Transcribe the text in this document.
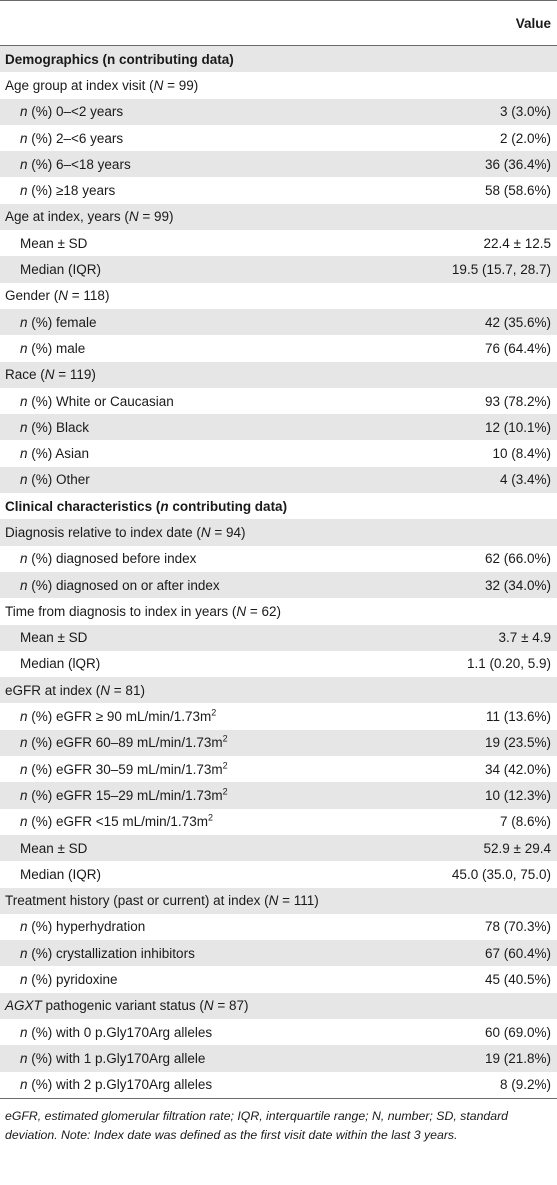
Value
Demographics (n contributing data)
Age group at index visit (N = 99)
n (%) 0–<2 years	3 (3.0%)
n (%) 2–<6 years	2 (2.0%)
n (%) 6–<18 years	36 (36.4%)
n (%) ≥18 years	58 (58.6%)
Age at index, years (N = 99)
Mean ± SD	22.4 ± 12.5
Median (IQR)	19.5 (15.7, 28.7)
Gender (N = 118)
n (%) female	42 (35.6%)
n (%) male	76 (64.4%)
Race (N = 119)
n (%) White or Caucasian	93 (78.2%)
n (%) Black	12 (10.1%)
n (%) Asian	10 (8.4%)
n (%) Other	4 (3.4%)
Clinical characteristics (n contributing data)
Diagnosis relative to index date (N = 94)
n (%) diagnosed before index	62 (66.0%)
n (%) diagnosed on or after index	32 (34.0%)
Time from diagnosis to index in years (N = 62)
Mean ± SD	3.7 ± 4.9
Median (lQR)	1.1 (0.20, 5.9)
eGFR at index (N = 81)
n (%) eGFR ≥ 90 $mL/\min/1.73m^2$	11 (13.6%)
n (%) eGFR 60–89 $mL/\min/1.73m^2$	19 (23.5%)
n (%) eGFR 30–59 $mL/\min/1.73m^2$	34 (42.0%)
n (%) eGFR 15–29 $mL/\min/1.73m^2$	10 (12.3%)
n (%) eGFR <15 $mL/\min/1.73m^2$	7 (8.6%)
Mean ± SD	52.9 ± 29.4
Median (IQR)	45.0 (35.0, 75.0)
Treatment history (past or current) at index (N = 111)
n (%) hyperhydration	78 (70.3%)
n (%) crystallization inhibitors	67 (60.4%)
n (%) pyridoxine	45 (40.5%)
AGXT pathogenic variant status (N = 87)
n (%) with 0 p.Gly170Arg alleles	60 (69.0%)
n (%) with 1 p.Gly170Arg allele	19 (21.8%)
n (%) with 2 p.Gly170Arg alleles	8 (9.2%)
eGFR, estimated glomerular filtration rate; IQR, interquartile range; N, number; SD, standard deviation. Note: Index date was defined as the first visit date within the last 3 years.
